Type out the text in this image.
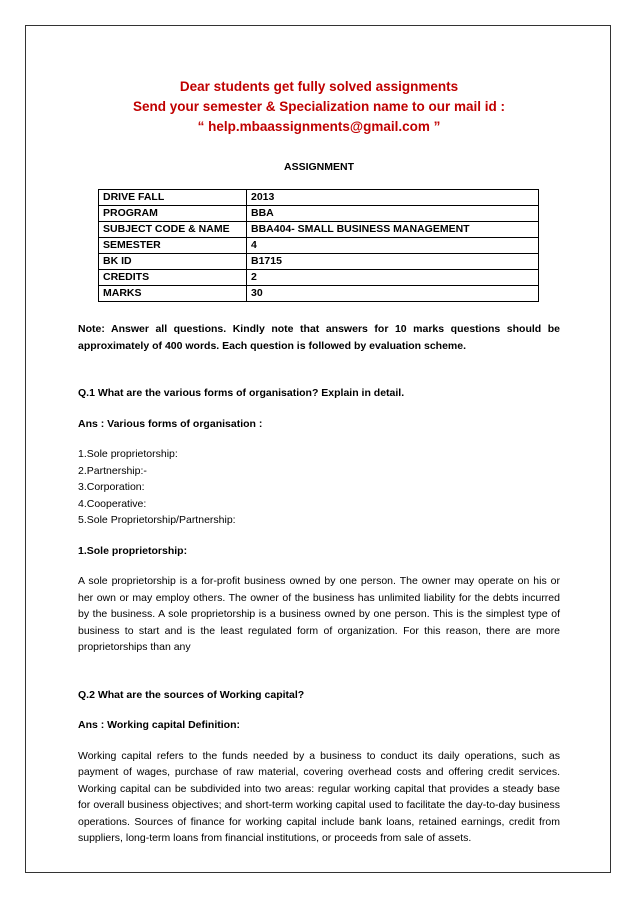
Dear students get fully solved assignments
Send your semester & Specialization name to our mail id :
“ help.mbaassignments@gmail.com ”
ASSIGNMENT
DRIVE FALL	2013
PROGRAM	BBA
SUBJECT CODE & NAME	BBA404- SMALL BUSINESS MANAGEMENT
SEMESTER	4
BK ID	B1715
CREDITS	2
MARKS	30

Note: Answer all questions. Kindly note that answers for 10 marks questions should be approximately of 400 words. Each question is followed by evaluation scheme.

Q.1 What are the various forms of organisation? Explain in detail.

Ans : Various forms of organisation :

1.Sole proprietorship:

2.Partnership:-

3.Corporation:

4.Cooperative:

5.Sole Proprietorship/Partnership:

1.Sole proprietorship:

A sole proprietorship is a for-profit business owned by one person. The owner may operate on his or her own or may employ others. The owner of the business has unlimited liability for the debts incurred by the business. A sole proprietorship is a business owned by one person. This is the simplest type of business to start and is the least regulated form of organization. For this reason, there are more proprietorships than any

Q.2 What are the sources of Working capital?

Ans : Working capital Definition:

Working capital refers to the funds needed by a business to conduct its daily operations, such as payment of wages, purchase of raw material, covering overhead costs and offering credit services. Working capital can be subdivided into two areas: regular working capital that provides a steady base for overall business objectives; and short-term working capital used to facilitate the day-to-day business operations. Sources of finance for working capital include bank loans, retained earnings, credit from suppliers, long-term loans from financial institutions, or proceeds from sale of assets.
